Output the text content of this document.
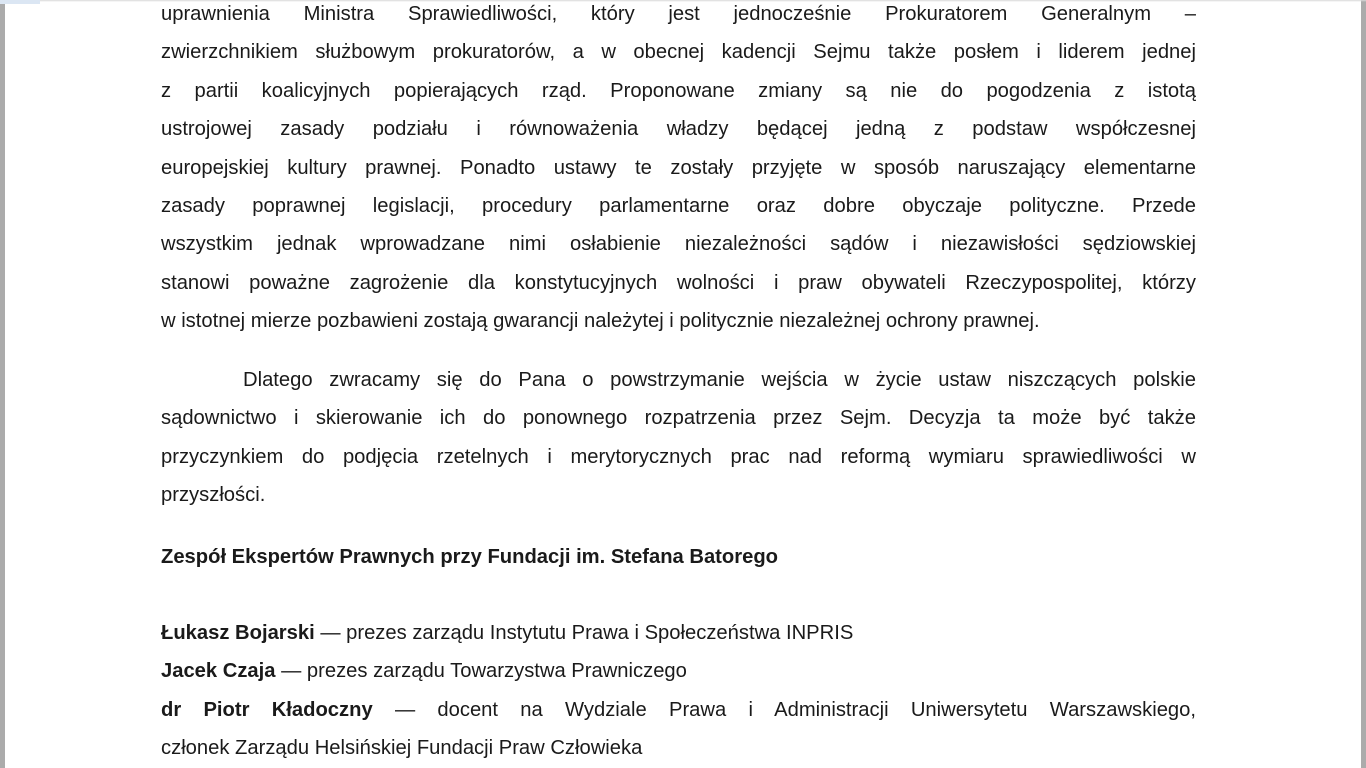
uprawnienia Ministra Sprawiedliwości, który jest jednocześnie Prokuratorem Generalnym –
zwierzchnikiem służbowym prokuratorów, a w obecnej kadencji Sejmu także posłem i liderem jednej
z partii koalicyjnych popierających rząd. Proponowane zmiany są nie do pogodzenia z istotą
ustrojowej zasady podziału i równoważenia władzy będącej jedną z podstaw współczesnej
europejskiej kultury prawnej. Ponadto ustawy te zostały przyjęte w sposób naruszający elementarne
zasady poprawnej legislacji, procedury parlamentarne oraz dobre obyczaje polityczne. Przede
wszystkim jednak wprowadzane nimi osłabienie niezależności sądów i niezawisłości sędziowskiej
stanowi poważne zagrożenie dla konstytucyjnych wolności i praw obywateli Rzeczypospolitej, którzy
w istotnej mierze pozbawieni zostają gwarancji należytej i politycznie niezależnej ochrony prawnej.
Dlatego zwracamy się do Pana o powstrzymanie wejścia w życie ustaw niszczących polskie
sądownictwo i skierowanie ich do ponownego rozpatrzenia przez Sejm. Decyzja ta może być także
przyczynkiem do podjęcia rzetelnych i merytorycznych prac nad reformą wymiaru sprawiedliwości w
przyszłości.
Zespół Ekspertów Prawnych przy Fundacji im. Stefana Batorego
Łukasz Bojarski — prezes zarządu Instytutu Prawa i Społeczeństwa INPRIS
Jacek Czaja — prezes zarządu Towarzystwa Prawniczego
dr Piotr Kładoczny — docent na Wydziale Prawa i Administracji Uniwersytetu Warszawskiego,
członek Zarządu Helsińskiej Fundacji Praw Człowieka
